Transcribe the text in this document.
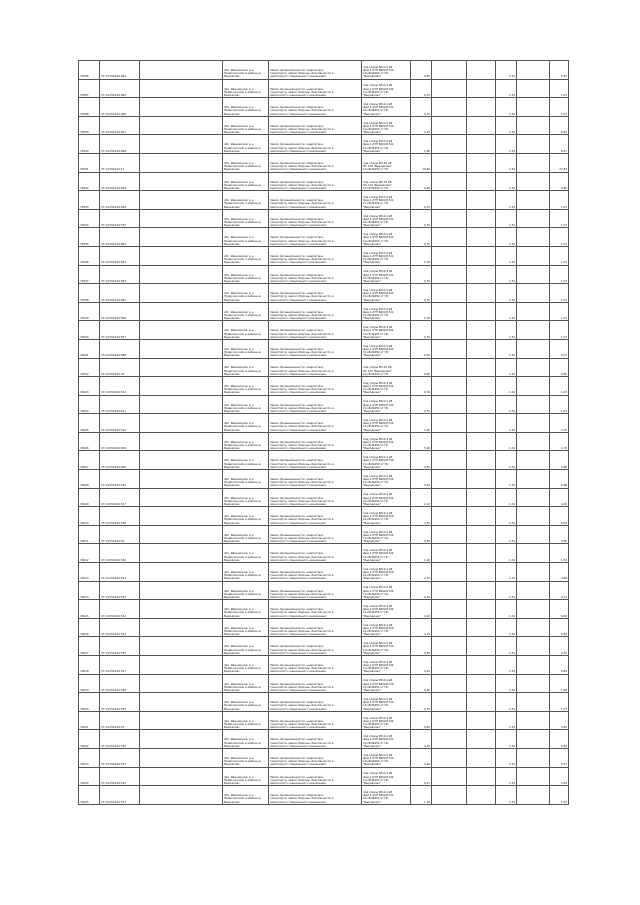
74586	37:14:050124:464		обл. Ивановская, р-н
Приволжский, в районе д.
Выродково	Земли промышленности, энергетики,
транспорта, земли обороны, безопасности и
земли иного специального назначения	под опоры ВЛ-0,4 кВ
фид.1 КТП 6602/0,5/0,
10 кВ №450 от ПС
"Выродково"	2,85			1,54		5,67
74587	37:14:050124:465		обл. Ивановская, р-н
Приволжский, в районе д.
Выродково	Земли промышленности, энергетики,
транспорта, земли обороны, безопасности и
земли иного специального назначения	под опоры ВЛ-0,4 кВ
фид.1 КТП 6602/0,5/0,
10 кВ №450 от ПС
"Выродково"	0,70			1,54		1,07
74588	37:14:050124:466		обл. Ивановская, р-н
Приволжский, в районе д.
Выродково	Земли промышленности, энергетики,
транспорта, земли обороны, безопасности и
земли иного специального назначения	под опоры ВЛ-0,4 кВ
фид.1 КТП 6602/0,5/0,
10 кВ №450 от ПС
"Выродково"	0,70			1,54		1,07
74589	37:14:050124:467		обл. Ивановская, р-н
Приволжский, в районе д.
Выродково	Земли промышленности, энергетики,
транспорта, земли обороны, безопасности и
земли иного специального назначения	под опоры ВЛ-0,4 кВ
фид.1 КТП 6602/0,5/0,
10 кВ №450 от ПС
"Выродково"	4,10			1,54		6,84
74590	37:14:050124:468		обл. Ивановская, р-н
Приволжский, в районе д.
Выродково	Земли промышленности, энергетики,
транспорта, земли обороны, безопасности и
земли иного специального назначения	под опоры ВЛ-0,4 кВ
фид.1 КТП 6602/0,5/0,
10 кВ №450 от ПС
"Выродково"	1,96			1,54		6,37
74591	37:14:050115:11		обл. Ивановская, р-н
Приволжский, в районе д.
Выродково	Земли промышленности, энергетики,
транспорта, земли обороны, безопасности и
земли иного специального назначения	под опоры ВЛ-10 кВ
ПС 110 "Выродково"
10 кВ №450 от ПС	10,90			1,54		27,84
74592	37:14:050124:569		обл. Ивановская, р-н
Приволжский, в районе д.
Выродково	Земли промышленности, энергетики,
транспорта, земли обороны, безопасности и
земли иного специального назначения	под опоры ВЛ-10 кВ
ПС 110 "Выродково"
10 кВ №450 от ПС	0,60			1,54		0,85
74593	37:14:050124:569		обл. Ивановская, р-н
Приволжский, в районе д.
Выродково	Земли промышленности, энергетики,
транспорта, земли обороны, безопасности и
земли иного специального назначения	под опоры ВЛ-0,4 кВ
фид.1 КТП 6602/0,5/0,
10 кВ №450 от ПС
"Выродково"	0,70			1,54		1,07
74594	37:14:050124:570		обл. Ивановская, р-н
Приволжский, в районе д.
Выродково	Земли промышленности, энергетики,
транспорта, земли обороны, безопасности и
земли иного специального назначения	под опоры ВЛ-0,4 кВ
фид.1 КТП 6602/0,5/0,
10 кВ №450 от ПС
"Выродково"	0,70			1,54		1,07
74595	37:14:050124:562		обл. Ивановская, р-н
Приволжский, в районе д.
Выродково	Земли промышленности, энергетики,
транспорта, земли обороны, безопасности и
земли иного специального назначения	под опоры ВЛ-0,4 кВ
фид.1 КТП 6602/0,5/0,
10 кВ №450 от ПС
"Выродково"	0,70			1,54		1,07
74596	37:14:050124:563		обл. Ивановская, р-н
Приволжский, в районе д.
Выродково	Земли промышленности, энергетики,
транспорта, земли обороны, безопасности и
земли иного специального назначения	под опоры ВЛ-0,4 кВ
фид.1 КТП 6602/0,5/0,
10 кВ №450 от ПС
"Выродково"	0,70			1,54		1,07
74597	37:14:050124:564		обл. Ивановская, р-н
Приволжский, в районе д.
Выродково	Земли промышленности, энергетики,
транспорта, земли обороны, безопасности и
земли иного специального назначения	под опоры ВЛ-0,4 кВ
фид.1 КТП 6602/0,5/0,
10 кВ №450 от ПС
"Выродково"	0,70			1,54		1,07
74598	37:14:050124:565		обл. Ивановская, р-н
Приволжский, в районе д.
Выродково	Земли промышленности, энергетики,
транспорта, земли обороны, безопасности и
земли иного специального назначения	под опоры ВЛ-0,4 кВ
фид.1 КТП 6602/0,5/0,
10 кВ №450 от ПС
"Выродково"	0,70			1,54		1,07
74599	37:14:050124:566		обл. Ивановская, р-н
Приволжский, в районе д.
Выродково	Земли промышленности, энергетики,
транспорта, земли обороны, безопасности и
земли иного специального назначения	под опоры ВЛ-0,4 кВ
фид.1 КТП 6602/0,5/0,
10 кВ №450 от ПС
"Выродково"	0,70			1,54		1,07
74600	37:14:050124:567		обл. Ивановская, р-н
Приволжский, в районе д.
Выродково	Земли промышленности, энергетики,
транспорта, земли обороны, безопасности и
земли иного специального назначения	под опоры ВЛ-0,4 кВ
фид.1 КТП 6602/0,5/0,
10 кВ №450 от ПС
"Выродково"	0,70			1,54		1,07
74601	37:14:050124:568		обл. Ивановская, р-н
Приволжский, в районе д.
Выродково	Земли промышленности, энергетики,
транспорта, земли обороны, безопасности и
земли иного специального назначения	под опоры ВЛ-0,4 кВ
фид.1 КТП 6602/0,5/0,
10 кВ №450 от ПС
"Выродково"	2,00			1,54		6,07
74602	37:14:050124:31		обл. Ивановская, р-н
Приволжский, в районе д.
Выродково	Земли промышленности, энергетики,
транспорта, земли обороны, безопасности и
земли иного специального назначения	под опоры ВЛ-10 кВ
ПС 110 "Выродково"
10 кВ №450 от ПС	0,60			1,54		0,85
74603	37:14:050124:512		обл. Ивановская, р-н
Приволжский, в районе д.
Выродково	Земли промышленности, энергетики,
транспорта, земли обороны, безопасности и
земли иного специального назначения	под опоры ВЛ-0,4 кВ
фид.1 КТП 6602/0,5/0,
10 кВ №450 от ПС
"Выродково"	0,70			1,54		1,07
74604	37:14:050124:511		обл. Ивановская, р-н
Приволжский, в районе д.
Выродково	Земли промышленности, энергетики,
транспорта, земли обороны, безопасности и
земли иного специального назначения	под опоры ВЛ-0,4 кВ
фид.1 КТП 6602/0,5/0,
10 кВ №450 от ПС
"Выродково"	0,70			1,54		1,07
74605	37:14:050124:510		обл. Ивановская, р-н
Приволжский, в районе д.
Выродково	Земли промышленности, энергетики,
транспорта, земли обороны, безопасности и
земли иного специального назначения	под опоры ВЛ-0,4 кВ
фид.1 КТП 6602/0,5/0,
10 кВ №450 от ПС
"Выродково"	1,40			1,54		2,70
74606	37:14:050124:509		обл. Ивановская, р-н
Приволжский, в районе д.
Выродково	Земли промышленности, энергетики,
транспорта, земли обороны, безопасности и
земли иного специального назначения	под опоры ВЛ-0,4 кВ
фид.1 КТП 6602/0,5/0,
10 кВ №450 от ПС
"Выродково"	5,00			1,54		1,78
74607	37:14:050124:508		обл. Ивановская, р-н
Приволжский, в районе д.
Выродково	Земли промышленности, энергетики,
транспорта, земли обороны, безопасности и
земли иного специального назначения	под опоры ВЛ-0,4 кВ
фид.1 КТП 6602/0,5/0,
10 кВ №450 от ПС
"Выродково"	3,50			1,54		5,88
74608	37:14:050124:515		обл. Ивановская, р-н
Приволжский, в районе д.
Выродково	Земли промышленности, энергетики,
транспорта, земли обороны, безопасности и
земли иного специального назначения	под опоры ВЛ-0,4 кВ
фид.1 КТП 6602/0,5/0,
10 кВ №450 от ПС
"Выродково"	3,40			1,54		5,88
74609	37:14:050124:517		обл. Ивановская, р-н
Приволжский, в районе д.
Выродково	Земли промышленности, энергетики,
транспорта, земли обороны, безопасности и
земли иного специального назначения	под опоры ВЛ-0,4 кВ
фид.1 КТП 6602/0,5/0,
10 кВ №450 от ПС
"Выродково"	2,10			1,54		4,30
74610	37:14:050124:518		обл. Ивановская, р-н
Приволжский, в районе д.
Выродково	Земли промышленности, энергетики,
транспорта, земли обороны, безопасности и
земли иного специального назначения	под опоры ВЛ-0,4 кВ
фид.1 КТП 6602/0,5/0,
10 кВ №450 от ПС
"Выродково"	4,10			1,54		6,63
74611	37:14:050124:32		обл. Ивановская, р-н
Приволжский, в районе д.
Выродково	Земли промышленности, энергетики,
транспорта, земли обороны, безопасности и
земли иного специального назначения	под опоры ВЛ-0,4 кВ
фид.1 КТП 6602/0,5/0,
10 кВ №450 от ПС
"Выродково"	0,60			1,54		0,85
74612	37:14:050124:520		обл. Ивановская, р-н
Приволжский, в районе д.
Выродково	Земли промышленности, энергетики,
транспорта, земли обороны, безопасности и
земли иного специального назначения	под опоры ВЛ-0,4 кВ
фид.1 КТП 6602/0,5/0,
10 кВ №450 от ПС
"Выродково"	1,00			1,54		1,54
74613	37:14:050124:521		обл. Ивановская, р-н
Приволжский, в районе д.
Выродково	Земли промышленности, энергетики,
транспорта, земли обороны, безопасности и
земли иного специального назначения	под опоры ВЛ-0,4 кВ
фид.1 КТП 6602/0,5/0,
10 кВ №450 от ПС
"Выродково"	2,70			1,54		4,69
74614	37:14:050124:522		обл. Ивановская, р-н
Приволжский, в районе д.
Выродково	Земли промышленности, энергетики,
транспорта, земли обороны, безопасности и
земли иного специального назначения	под опоры ВЛ-0,4 кВ
фид.1 КТП 6602/0,5/0,
10 кВ №450 от ПС
"Выродково"	0,10			1,54		0,14
74615	37:14:050124:523		обл. Ивановская, р-н
Приволжский, в районе д.
Выродково	Земли промышленности, энергетики,
транспорта, земли обороны, безопасности и
земли иного специального назначения	под опоры ВЛ-0,4 кВ
фид.1 КТП 6602/0,5/0,
10 кВ №450 от ПС
"Выродково"	4,20			1,54		6,84
74616	37:14:050124:524		обл. Ивановская, р-н
Приволжский, в районе д.
Выродково	Земли промышленности, энергетики,
транспорта, земли обороны, безопасности и
земли иного специального назначения	под опоры ВЛ-0,4 кВ
фид.1 КТП 6602/0,5/0,
10 кВ №450 от ПС
"Выродково"	4,10			1,54		6,84
74617	37:14:050124:525		обл. Ивановская, р-н
Приволжский, в районе д.
Выродково	Земли промышленности, энергетики,
транспорта, земли обороны, безопасности и
земли иного специального назначения	под опоры ВЛ-0,4 кВ
фид.1 КТП 6602/0,5/0,
10 кВ №450 от ПС
"Выродково"	0,60			1,54		0,32
74618	37:14:050124:527		обл. Ивановская, р-н
Приволжский, в районе д.
Выродково	Земли промышленности, энергетики,
транспорта, земли обороны, безопасности и
земли иного специального назначения	под опоры ВЛ-0,4 кВ
фид.1 КТП 6602/0,5/0,
10 кВ №450 от ПС
"Выродково"	4,10			1,54		6,84
74619	37:14:050124:528		обл. Ивановская, р-н
Приволжский, в районе д.
Выродково	Земли промышленности, энергетики,
транспорта, земли обороны, безопасности и
земли иного специального назначения	под опоры ВЛ-0,4 кВ
фид.1 КТП 6602/0,5/0,
10 кВ №450 от ПС
"Выродково"	0,60			1,54		1,08
74620	37:14:050124:529		обл. Ивановская, р-н
Приволжский, в районе д.
Выродково	Земли промышленности, энергетики,
транспорта, земли обороны, безопасности и
земли иного специального назначения	под опоры ВЛ-0,4 кВ
фид.1 КТП 6602/0,5/0,
10 кВ №450 от ПС
"Выродково"	0,70			1,54		1,07
74621	37:14:050124:33		обл. Ивановская, р-н
Приволжский, в районе д.
Выродково	Земли промышленности, энергетики,
транспорта, земли обороны, безопасности и
земли иного специального назначения	под опоры ВЛ-0,4 кВ
фид.1 КТП 6602/0,5/0,
10 кВ №450 от ПС
"Выродково"	0,60			1,54		0,85
74622	37:14:050124:530		обл. Ивановская, р-н
Приволжский, в районе д.
Выродково	Земли промышленности, энергетики,
транспорта, земли обороны, безопасности и
земли иного специального назначения	под опоры ВЛ-0,4 кВ
фид.1 КТП 6602/0,5/0,
10 кВ №450 от ПС
"Выродково"	4,20			1,54		6,84
74623	37:14:050124:531		обл. Ивановская, р-н
Приволжский, в районе д.
Выродково	Земли промышленности, энергетики,
транспорта, земли обороны, безопасности и
земли иного специального назначения	под опоры ВЛ-0,4 кВ
фид.1 КТП 6602/0,5/0,
10 кВ №450 от ПС
"Выродково"	3,60			1,54		5,57
74624	37:14:050124:532		обл. Ивановская, р-н
Приволжский, в районе д.
Выродково	Земли промышленности, энергетики,
транспорта, земли обороны, безопасности и
земли иного специального назначения	под опоры ВЛ-0,4 кВ
фид.1 КТП 6602/0,5/0,
10 кВ №450 от ПС
"Выродково"	0,47			1,54		0,54
74625	37:14:050124:533		обл. Ивановская, р-н
Приволжский, в районе д.
Выродково	Земли промышленности, энергетики,
транспорта, земли обороны, безопасности и
земли иного специального назначения	под опоры ВЛ-0,4 кВ
фид.1 КТП 6602/0,5/0,
10 кВ №450 от ПС
"Выродково"	1,10			1,54		1,25
